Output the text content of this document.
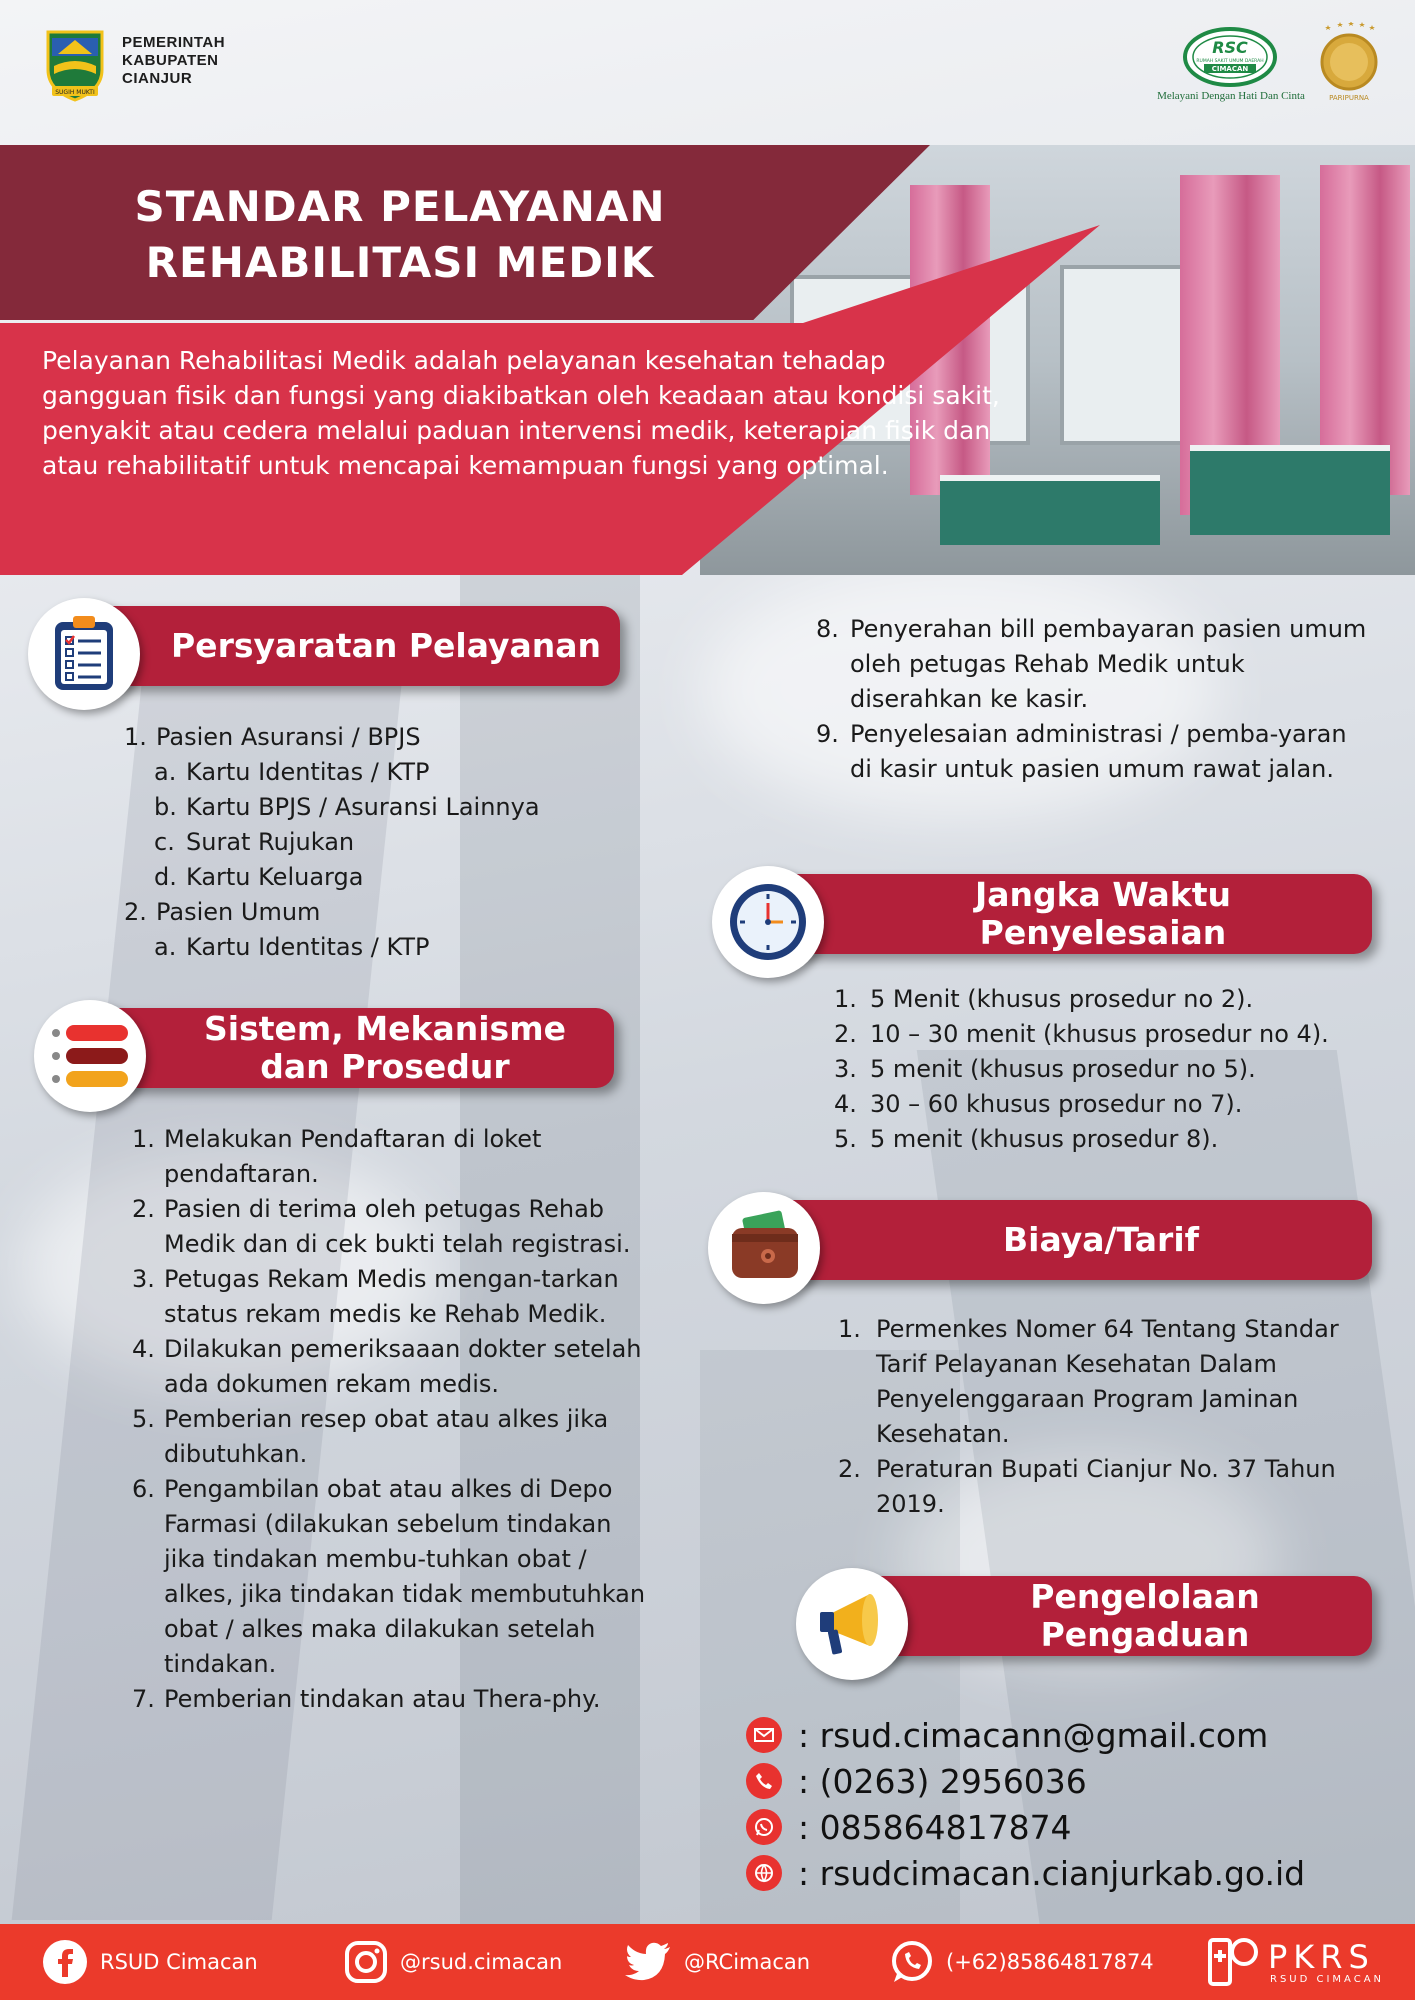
SUGIH MUKTI
PEMERINTAH
KABUPATEN
CIANJUR
RSC
RUMAH SAKIT UMUM DAERAH
CIMACAN
Melayani Dengan Hati Dan Cinta	PARIPURNA
STANDAR PELAYANAN
REHABILITASI MEDIK
Pelayanan Rehabilitasi Medik adalah pelayanan kesehatan tehadap gangguan fisik dan fungsi yang diakibatkan oleh keadaan atau kondisi sakit, penyakit atau cedera melalui paduan intervensi medik, keterapian fisik dan atau rehabilitatif untuk mencapai kemampuan fungsi yang optimal.
Persyaratan Pelayanan
1. Pasien Asuransi / BPJS
a. Kartu Identitas / KTP
b. Kartu BPJS / Asuransi Lainnya
c. Surat Rujukan
d. Kartu Keluarga
2. Pasien Umum
a. Kartu Identitas / KTP
Sistem, Mekanisme
dan Prosedur
1. Melakukan Pendaftaran di loket pendaftaran.
2. Pasien di terima oleh petugas Rehab Medik dan di cek bukti telah registrasi.
3. Petugas Rekam Medis mengan-tarkan status rekam medis ke Rehab Medik.
4. Dilakukan pemeriksaaan dokter setelah ada dokumen rekam medis.
5. Pemberian resep obat atau alkes jika dibutuhkan.
6. Pengambilan obat atau alkes di Depo Farmasi (dilakukan sebelum tindakan jika tindakan membu-tuhkan obat / alkes, jika tindakan tidak membutuhkan obat / alkes maka dilakukan setelah tindakan.
7. Pemberian tindakan atau Thera-phy.
8. Penyerahan bill pembayaran pasien umum oleh petugas Rehab Medik untuk diserahkan ke kasir.
9. Penyelesaian administrasi / pemba-yaran di kasir untuk pasien umum rawat jalan.
Jangka Waktu
Penyelesaian
1. 5 Menit (khusus prosedur no 2).
2. 10 – 30 menit (khusus prosedur no 4).
3. 5 menit (khusus prosedur no 5).
4. 30 – 60 khusus prosedur no 7).
5. 5 menit (khusus prosedur 8).
Biaya/Tarif
1. Permenkes Nomer 64 Tentang Standar Tarif Pelayanan Kesehatan Dalam Penyelenggaraan Program Jaminan Kesehatan.
2. Peraturan Bupati Cianjur No. 37 Tahun 2019.
Pengelolaan
Pengaduan
: rsud.cimacann@gmail.com
: (0263) 2956036
: 085864817874
: rsudcimacan.cianjurkab.go.id
RSUD Cimacan	@rsud.cimacan	@RCimacan	(+62)85864817874	PKRS
RSUD CIMACAN
